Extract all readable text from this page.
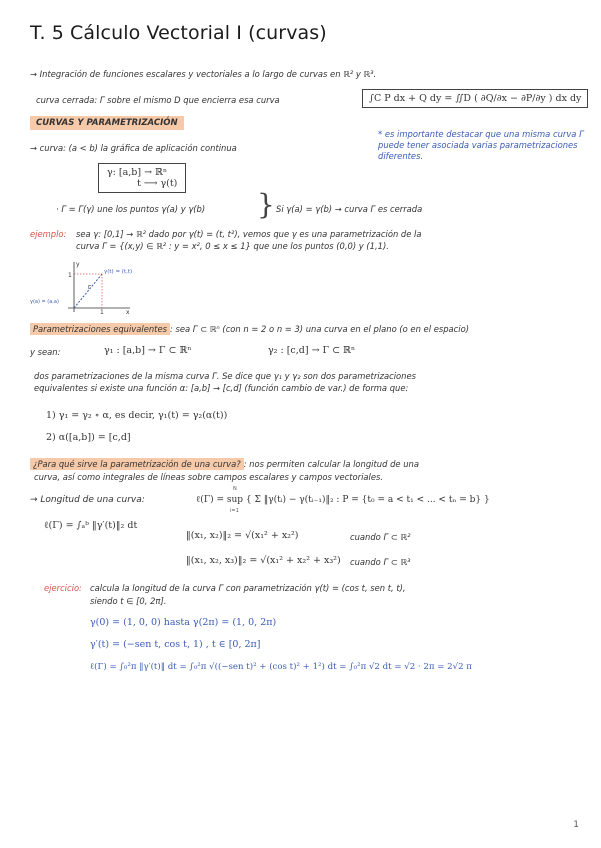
T. 5 Cálculo Vectorial I (curvas)
→ Integración de funciones escalares y vectoriales a lo largo de curvas en ℝ² y ℝ³.
curva cerrada: Γ sobre el mismo D que encierra esa curva	∫C P dx + Q dy = ∬D ( ∂Q/∂x − ∂P/∂y ) dx dy
CURVAS Y PARAMETRIZACIÓN
→ curva: (a < b) la gráfica de aplicación continua
* es importante destacar que una misma curva Γ puede tener asociada varias parametrizaciones diferentes.
γ: [a,b] → ℝⁿ
t ⟶ γ(t)
· Γ = Γ(γ) une los puntos γ(a) y γ(b) } Si γ(a) = γ(b) → curva Γ es cerrada
ejemplo: sea γ: [0,1] → ℝ² dado por γ(t) = (t, t²), vemos que γ es una parametrización de la
curva Γ = {(x,y) ∈ ℝ² : y = x², 0 ≤ x ≤ 1} que une los puntos (0,0) y (1,1).
y
x
1
1
γ(t) = (t,t)
γ(a) = (a,a)
Γ
Parametrizaciones equivalentes : sea Γ ⊂ ℝⁿ (con n = 2 o n = 3) una curva en el plano (o en el espacio)
y sean:	γ₁ : [a,b] → Γ ⊂ ℝⁿ	γ₂ : [c,d] → Γ ⊂ ℝⁿ
dos parametrizaciones de la misma curva Γ. Se dice que γ₁ y γ₂ son dos parametrizaciones
equivalentes si existe una función α: [a,b] → [c,d] (función cambio de var.) de forma que:
1) γ₁ = γ₂ ∘ α, es decir, γ₁(t) = γ₂(α(t))
2) α([a,b]) = [c,d]
¿Para qué sirve la parametrización de una curva? : nos permiten calcular la longitud de una
curva, así como integrales de líneas sobre campos escalares y campos vectoriales.
→ Longitud de una curva:	ℓ(Γ) = sup { Σ ‖γ(tᵢ) − γ(tᵢ₋₁)‖₂ : P = {t₀ = a < t₁ < ... < tₙ = b} }
N
i=1
ℓ(Γ) = ∫ₐᵇ ‖γ′(t)‖₂ dt
‖(x₁, x₂)‖₂ = √(x₁² + x₂²)	cuando Γ ⊂ ℝ²
‖(x₁, x₂, x₃)‖₂ = √(x₁² + x₂² + x₃²) cuando Γ ⊂ ℝ³
ejercicio: calcula la longitud de la curva Γ con parametrización γ(t) = (cos t, sen t, t),
siendo t ∈ [0, 2π].
γ(0) = (1, 0, 0) hasta γ(2π) = (1, 0, 2π)
γ′(t) = (−sen t, cos t, 1) , t ∈ [0, 2π]
ℓ(Γ) = ∫₀²π ‖γ′(t)‖ dt = ∫₀²π √((−sen t)² + (cos t)² + 1²) dt = ∫₀²π √2 dt = √2 · 2π = 2√2 π
1
